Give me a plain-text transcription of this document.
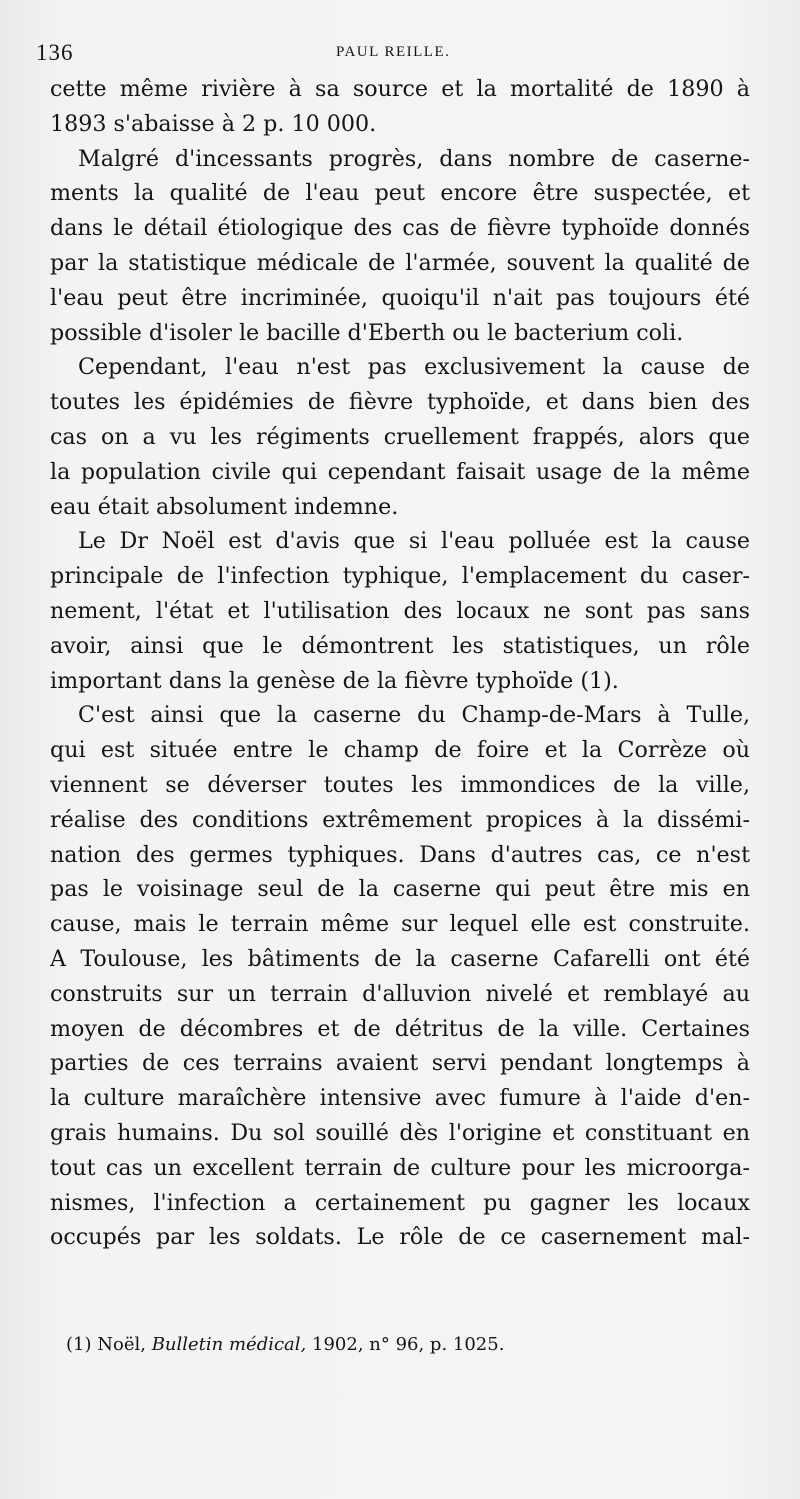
136	PAUL REILLE.
cette même rivière à sa source et la mortalité de 1890 à
1893 s'abaisse à 2 p. 10 000.
Malgré d'incessants progrès, dans nombre de caserne-
ments la qualité de l'eau peut encore être suspectée, et
dans le détail étiologique des cas de fièvre typhoïde donnés
par la statistique médicale de l'armée, souvent la qualité de
l'eau peut être incriminée, quoiqu'il n'ait pas toujours été
possible d'isoler le bacille d'Eberth ou le bacterium coli.
Cependant, l'eau n'est pas exclusivement la cause de
toutes les épidémies de fièvre typhoïde, et dans bien des
cas on a vu les régiments cruellement frappés, alors que
la population civile qui cependant faisait usage de la même
eau était absolument indemne.
Le Dr Noël est d'avis que si l'eau polluée est la cause
principale de l'infection typhique, l'emplacement du caser-
nement, l'état et l'utilisation des locaux ne sont pas sans
avoir, ainsi que le démontrent les statistiques, un rôle
important dans la genèse de la fièvre typhoïde (1).
C'est ainsi que la caserne du Champ-de-Mars à Tulle,
qui est située entre le champ de foire et la Corrèze où
viennent se déverser toutes les immondices de la ville,
réalise des conditions extrêmement propices à la dissémi-
nation des germes typhiques. Dans d'autres cas, ce n'est
pas le voisinage seul de la caserne qui peut être mis en
cause, mais le terrain même sur lequel elle est construite.
A Toulouse, les bâtiments de la caserne Cafarelli ont été
construits sur un terrain d'alluvion nivelé et remblayé au
moyen de décombres et de détritus de la ville. Certaines
parties de ces terrains avaient servi pendant longtemps à
la culture maraîchère intensive avec fumure à l'aide d'en-
grais humains. Du sol souillé dès l'origine et constituant en
tout cas un excellent terrain de culture pour les microorga-
nismes, l'infection a certainement pu gagner les locaux
occupés par les soldats. Le rôle de ce casernement mal-
(1) Noël, Bulletin médical, 1902, n° 96, p. 1025.
